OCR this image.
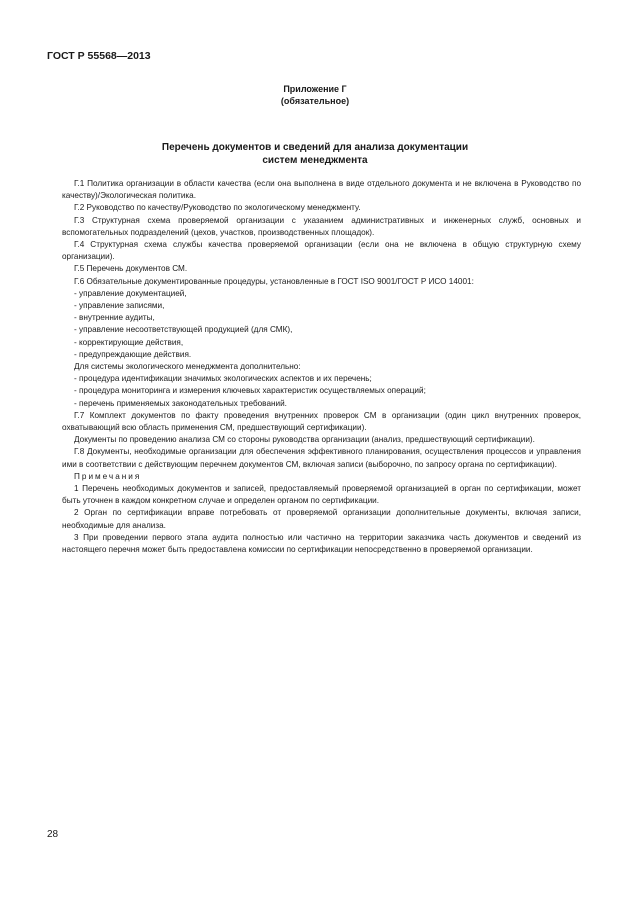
ГОСТ Р 55568—2013
Приложение Г
(обязательное)
Перечень документов и сведений для анализа документации
систем менеджмента

Г.1 Политика организации в области качества (если она выполнена в виде отдельного документа и не включена в Руководство по качеству)/Экологическая политика.

Г.2 Руководство по качеству/Руководство по экологическому менеджменту.

Г.3 Структурная схема проверяемой организации с указанием административных и инженерных служб, основных и вспомогательных подразделений (цехов, участков, производственных площадок).

Г.4 Структурная схема службы качества проверяемой организации (если она не включена в общую структурную схему организации).

Г.5 Перечень документов СМ.

Г.6 Обязательные документированные процедуры, установленные в ГОСТ ISO 9001/ГОСТ Р ИСО 14001:

- управление документацией,

- управление записями,

- внутренние аудиты,

- управление несоответствующей продукцией (для СМК),

- корректирующие действия,

- предупреждающие действия.

Для системы экологического менеджмента дополнительно:

- процедура идентификации значимых экологических аспектов и их перечень;

- процедура мониторинга и измерения ключевых характеристик осуществляемых операций;

- перечень применяемых законодательных требований.

Г.7 Комплект документов по факту проведения внутренних проверок СМ в организации (один цикл внутренних проверок, охватывающий всю область применения СМ, предшествующий сертификации).

Документы по проведению анализа СМ со стороны руководства организации (анализ, предшествующий сертификации).

Г.8 Документы, необходимые организации для обеспечения эффективного планирования, осуществления процессов и управления ими в соответствии с действующим перечнем документов СМ, включая записи (выборочно, по запросу органа по сертификации).

Примечания

1 Перечень необходимых документов и записей, предоставляемый проверяемой организацией в орган по сертификации, может быть уточнен в каждом конкретном случае и определен органом по сертификации.

2 Орган по сертификации вправе потребовать от проверяемой организации дополнительные документы, включая записи, необходимые для анализа.

3 При проведении первого этапа аудита полностью или частично на территории заказчика часть документов и сведений из настоящего перечня может быть предоставлена комиссии по сертификации непосредственно в проверяемой организации.

28
